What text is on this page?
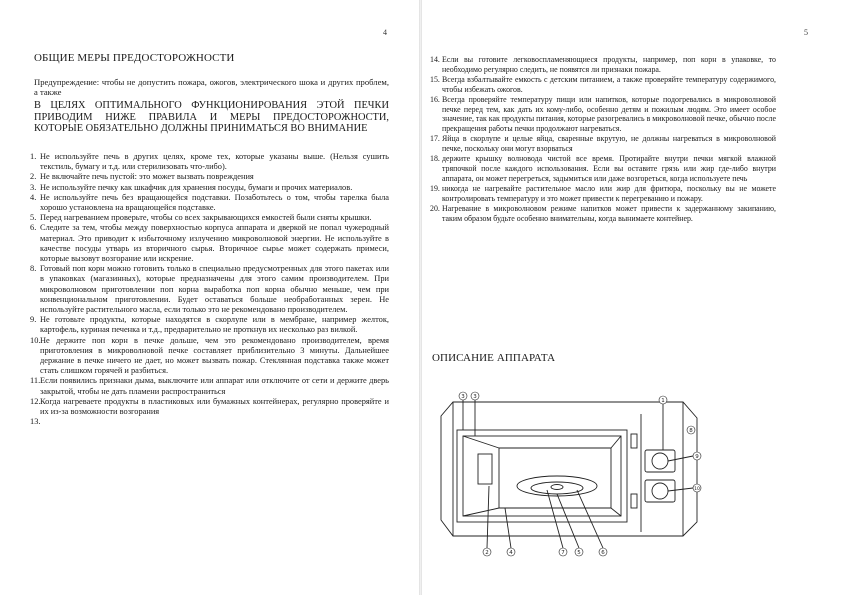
4
ОБЩИЕ МЕРЫ ПРЕДОСТОРОЖНОСТИ

Предупреждение: чтобы не допустить пожара, ожогов, электрического шока и других проблем, а также

В ЦЕЛЯХ ОПТИМАЛЬНОГО ФУНКЦИОНИРОВАНИЯ ЭТОЙ ПЕЧКИ
ПРИВОДИМ НИЖЕ ПРАВИЛА И МЕРЫ ПРЕДОСТОРОЖНОСТИ,
КОТОРЫЕ ОБЯЗАТЕЛЬНО ДОЛЖНЫ ПРИНИМАТЬСЯ ВО ВНИМАНИЕ
1. Не используйте печь в других целях, кроме тех, которые указаны выше. (Нельзя сушить текстиль, бумагу и т.д. или стерилизовать что-либо).
2. Не включайте печь пустой: это может вызвать повреждения
3. Не используйте печку как шкафчик для хранения посуды, бумаги и прочих материалов.
4. Не используйте печь без вращающейся подставки. Позаботьтесь о том, чтобы тарелка была хорошо установлена на вращающейся подставке.
5. Перед нагреванием проверьте, чтобы со всех закрывающихся емкостей были сняты крышки.
6. Следите за тем, чтобы между поверхностью корпуса аппарата и дверкой не попал чужеродный материал. Это приводит к избыточному излучению микроволновой энергии. Не используйте в качестве посуды утварь из вторичного сырья. Вторичное сырье может содержать примеси, которые вызовут возгорание или искрение.
8. Готовый поп корн можно готовить только в специально предусмотренных для этого пакетах или в упаковках (магазинных), которые предназначены для этого самим производителем. При микроволновом приготовлении поп корна выработка поп корна обычно меньше, чем при конвенциональном приготовлении. Будет оставаться больше необработанных зерен. Не используйте растительного масла, если только это не рекомендовано производителем.
9. Не готовьте продукты, которые находятся в скорлупе или в мембране, например желток, картофель, куриная печенка и т.д., предварительно не проткнув их несколько раз вилкой.
10. Не держите поп корн в печке дольше, чем это рекомендовано производителем, время приготовления в микроволновой печке составляет приблизительно 3 минуты. Дальнейшее держание в печке ничего не дает, но может вызвать пожар. Стеклянная подставка также может стать слишком горячей и разбиться.
11. Если появились признаки дыма, выключите или аппарат или отключите от сети и держите дверь закрытой, чтобы не дать пламени распространиться
12. Когда нагреваете продукты в пластиковых или бумажных контейнерах, регулярно проверяйте и их из-за возможности возгорания
13.
5
14. Если вы готовите легковоспламеняющиеся продукты, например, поп корн в упаковке, то необходимо регулярно следить, не появятся ли признаки пожара.
15. Всегда взбалтывайте емкость с детским питанием, а также проверяйте температуру содержимого, чтобы избежать ожогов.
16. Всегда проверяйте температуру пищи или напитков, которые подогревались в микроволновой печке перед тем, как дать их кому-либо, особенно детям и пожилым людям. Это имеет особое значение, так как продукты питания, которые разогревались в микроволновой печке, обычно после прекращения работы печки продолжают нагреваться.
17. Яйца в скорлупе и целые яйца, сваренные вкрутую, не должны нагреваться в микроволновой печке, поскольку они могут взорваться
18. держите крышку волновода чистой все время. Протирайте внутри печки мягкой влажной тряпочкой после каждого использования. Если вы оставите грязь или жир где-либо внутри аппарата, он может перегреться, задымиться или даже возгореться, когда используете печь
19. никогда не нагревайте растительное масло или жир для фритюра, поскольку вы не можете контролировать температуру и это может привести к перегреванию и пожару.
20. Нагревание в микроволновом режиме напитков может привести к задержанному закипанию, таким образом будьте особенно внимательны, когда вынимаете контейнер.
ОПИСАНИЕ АППАРАТА
3 3
1
9
10
2	4	7 5	6
8
